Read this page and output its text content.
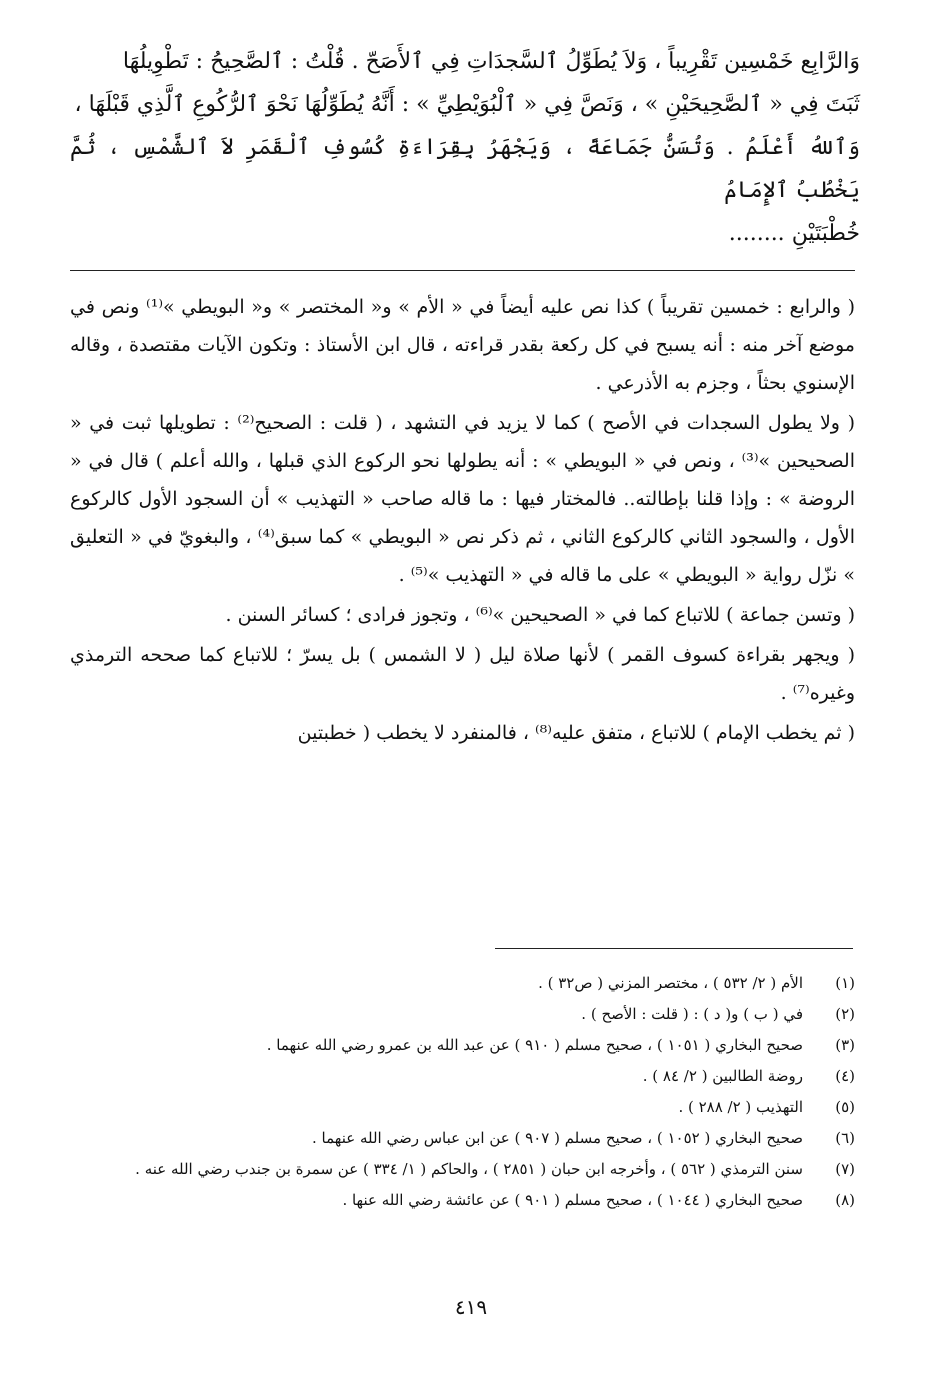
وَالرَّابِع خَمْسِين تَقْرِيباً ، وَلاَ يُطَوِّلُ ٱلسَّجدَاتِ فِي ٱلأَصَحّ . قُلْتُ : ٱلصَّحِيحُ : تَطْوِيلُهَا

ثَبَتَ فِي « ٱلصَّحِيحَيْنِ » ، وَنَصَّ فِي « ٱلْبُوَيْطِيِّ » : أَنَّهُ يُطَوِّلُهَا نَحْوَ ٱلرُّكُوعِ ٱلَّذِي قَبْلَهَا ،

وَٱللهُ أَعْلَمُ . وَتُسَنُّ جَمَاعَةً ، وَيَجْهَرُ بِقِرَاءَةِ كُسُوفِ ٱلْقَمَرِ لاَ ٱلشَّمْسِ ، ثُمَّ يَخْطُبُ ٱلإِمَامُ

خُطْبَتَيْنِ ........

( والرابع : خمسين تقريباً ) كذا نص عليه أيضاً في « الأم » و« المختصر » و« البويطي »⁽¹⁾ ونص في موضع آخر منه : أنه يسبح في كل ركعة بقدر قراءته ، قال ابن الأستاذ : وتكون الآيات مقتصدة ، وقاله الإسنوي بحثاً ، وجزم به الأذرعي .

( ولا يطول السجدات في الأصح ) كما لا يزيد في التشهد ، ( قلت : الصحيح⁽²⁾ : تطويلها ثبت في « الصحيحين »⁽³⁾ ، ونص في « البويطي » : أنه يطولها نحو الركوع الذي قبلها ، والله أعلم ) قال في « الروضة » : وإذا قلنا بإطالته.. فالمختار فيها : ما قاله صاحب « التهذيب » أن السجود الأول كالركوع الأول ، والسجود الثاني كالركوع الثاني ، ثم ذكر نص « البويطي » كما سبق⁽⁴⁾ ، والبغويّ في « التعليق » نزّل رواية « البويطي » على ما قاله في « التهذيب »⁽⁵⁾ .

( وتسن جماعة ) للاتباع كما في « الصحيحين »⁽⁶⁾ ، وتجوز فرادى ؛ كسائر السنن .

( ويجهر بقراءة كسوف القمر ) لأنها صلاة ليل ( لا الشمس ) بل يسرّ ؛ للاتباع كما صححه الترمذي وغيره⁽⁷⁾ .

( ثم يخطب الإمام ) للاتباع ، متفق عليه⁽⁸⁾ ، فالمنفرد لا يخطب ( خطبتين

(١)
الأم ( ٢/ ٥٣٢ ) ، مختصر المزني ( ص٣٢ ) .
(٢)
في ( ب ) و( د ) : ( قلت : الأصح ) .
(٣)
صحيح البخاري ( ١٠٥١ ) ، صحيح مسلم ( ٩١٠ ) عن عبد الله بن عمرو رضي الله عنهما .
(٤)
روضة الطالبين ( ٢/ ٨٤ ) .
(٥)
التهذيب ( ٢/ ٢٨٨ ) .
(٦)
صحيح البخاري ( ١٠٥٢ ) ، صحيح مسلم ( ٩٠٧ ) عن ابن عباس رضي الله عنهما .
(٧)
سنن الترمذي ( ٥٦٢ ) ، وأخرجه ابن حبان ( ٢٨٥١ ) ، والحاكم ( ١/ ٣٣٤ ) عن سمرة بن جندب رضي الله عنه .
(٨)
صحيح البخاري ( ١٠٤٤ ) ، صحيح مسلم ( ٩٠١ ) عن عائشة رضي الله عنها .
٤١٩
